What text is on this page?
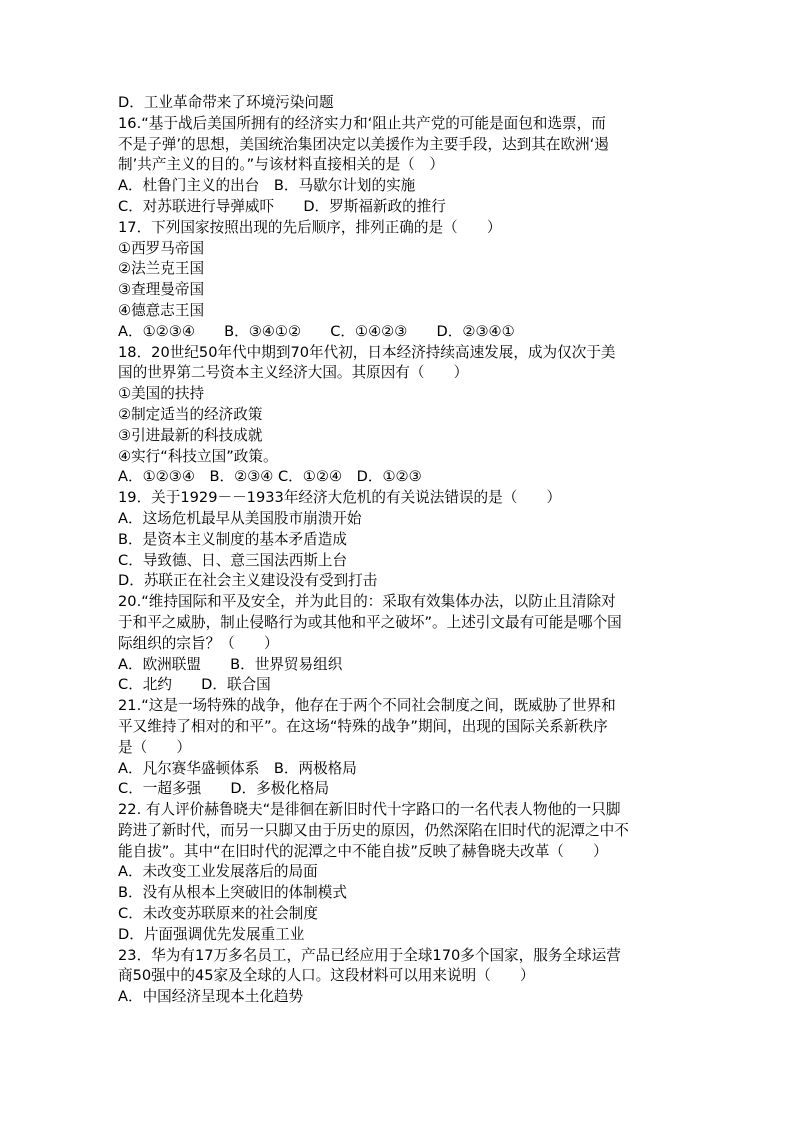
D．工业革命带来了环境污染问题
16.“基于战后美国所拥有的经济实力和‘阻止共产党的可能是面包和选票，而
不是子弹’的思想，美国统治集团决定以美援作为主要手段，达到其在欧洲‘遏
制’共产主义的目的。”与该材料直接相关的是（　）
A．杜鲁门主义的出台　B．马歇尔计划的实施
C．对苏联进行导弹威吓　　D．罗斯福新政的推行
17．下列国家按照出现的先后顺序，排列正确的是（　　）
①西罗马帝国
②法兰克王国
③查理曼帝国
④德意志王国
A．①②③④　　B．③④①②　　C．①④②③　　D．②③④①
18．20世纪50年代中期到70年代初，日本经济持续高速发展，成为仅次于美
国的世界第二号资本主义经济大国。其原因有（　　）
①美国的扶持
②制定适当的经济政策
③引进最新的科技成就
④实行“科技立国”政策。
A．①②③④　B．②③④ C．①②④　D．①②③
19．关于1929－－1933年经济大危机的有关说法错误的是（　　）
A．这场危机最早从美国股市崩溃开始
B．是资本主义制度的基本矛盾造成
C．导致德、日、意三国法西斯上台
D．苏联正在社会主义建设没有受到打击
20.“维持国际和平及安全，并为此目的：采取有效集体办法，以防止且清除对
于和平之威胁，制止侵略行为或其他和平之破坏”。上述引文最有可能是哪个国
际组织的宗旨？（　　）
A．欧洲联盟　　B．世界贸易组织
C．北约　　D．联合国
21.“这是一场特殊的战争，他存在于两个不同社会制度之间，既威胁了世界和
平又维持了相对的和平”。在这场“特殊的战争”期间，出现的国际关系新秩序
是（　　）
A．凡尔赛华盛顿体系　B．两极格局
C．一超多强　　D．多极化格局
22. 有人评价赫鲁晓夫“是徘徊在新旧时代十字路口的一名代表人物他的一只脚
跨进了新时代，而另一只脚又由于历史的原因，仍然深陷在旧时代的泥潭之中不
能自拔”。其中“在旧时代的泥潭之中不能自拔”反映了赫鲁晓夫改革（　　）
A．未改变工业发展落后的局面
B．没有从根本上突破旧的体制模式
C．未改变苏联原来的社会制度
D．片面强调优先发展重工业
23．华为有17万多名员工，产品已经应用于全球170多个国家，服务全球运营
商50强中的45家及全球的人口。这段材料可以用来说明（　　）
A．中国经济呈现本土化趋势
